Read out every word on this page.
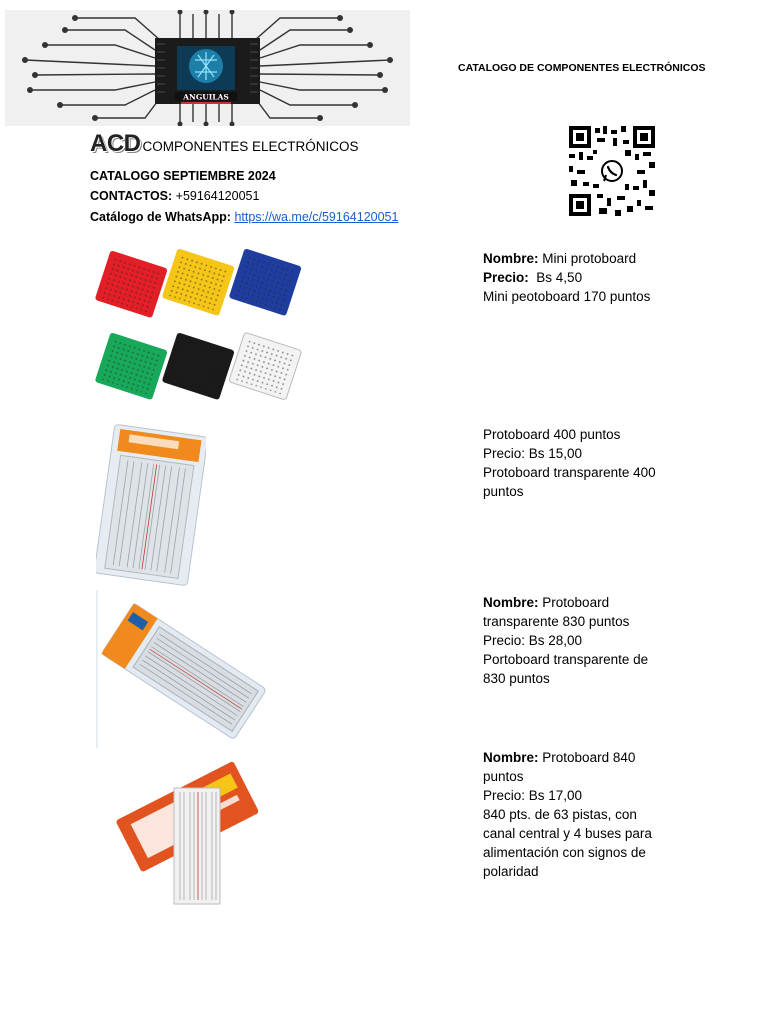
ANGUILAS
CATALOGO DE COMPONENTES ELECTRÓNICOS
ACD COMPONENTES ELECTRÓNICOS
CATALOGO SEPTIEMBRE 2024
CONTACTOS: +59164120051
Catálogo de WhatsApp: https://wa.me/c/59164120051
Nombre: Mini protoboard
Precio: Bs 4,50
Mini peotoboard 170 puntos
Protoboard 400 puntos
Precio: Bs 15,00
Protoboard transparente 400 puntos
Nombre: Protoboard transparente 830 puntos
Precio: Bs 28,00
Portoboard transparente de 830 puntos
Nombre: Protoboard 840 puntos
Precio: Bs 17,00
840 pts. de 63 pistas, con canal central y 4 buses para alimentación con signos de polaridad
